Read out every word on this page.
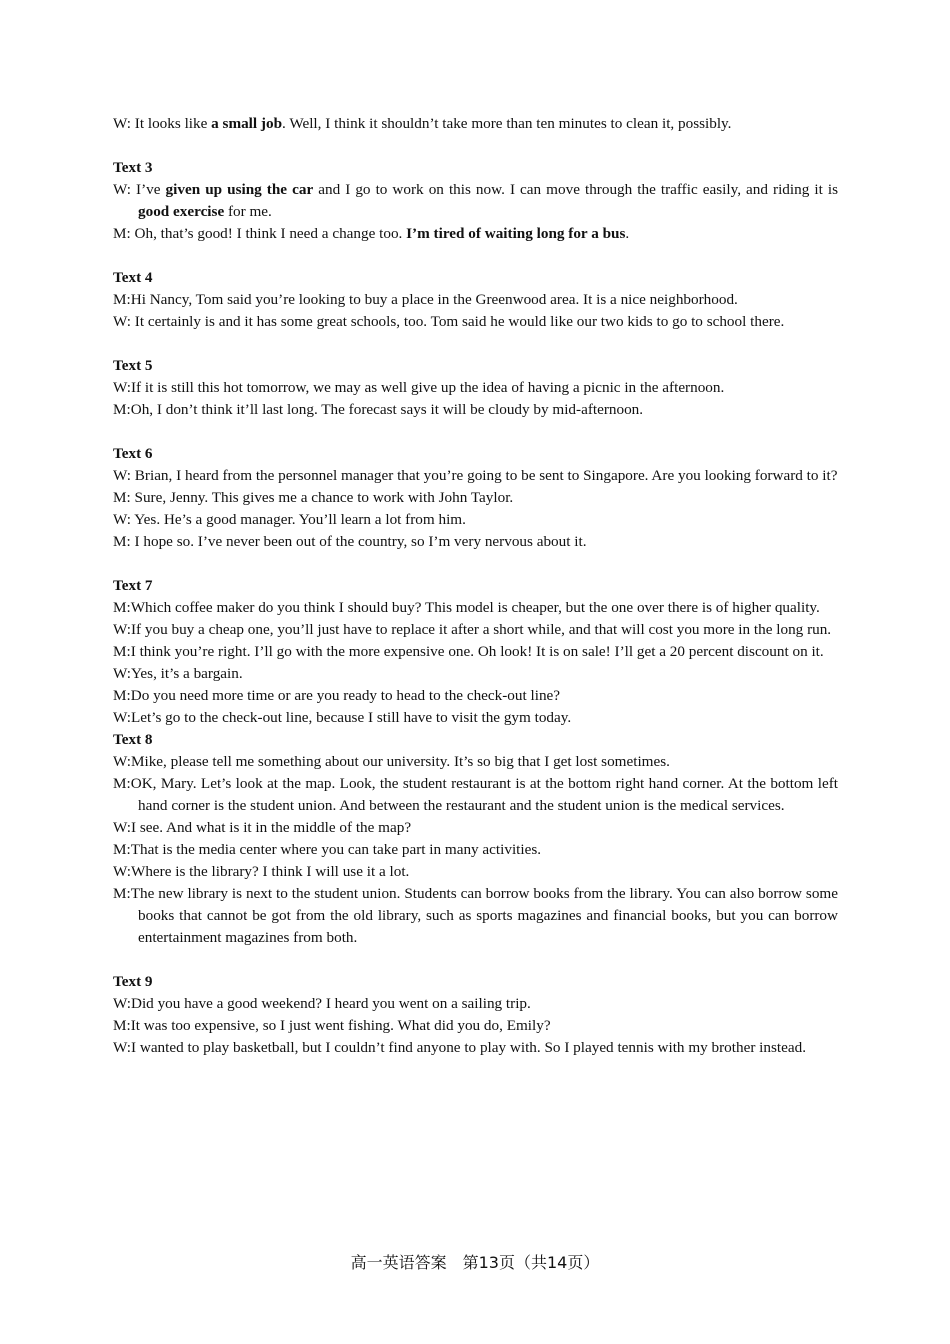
W: It looks like a small job. Well, I think it shouldn’t take more than ten minutes to clean it, possibly.
Text 3
W: I’ve given up using the car and I go to work on this now. I can move through the traffic easily, and riding it is good exercise for me.
M: Oh, that’s good! I think I need a change too. I’m tired of waiting long for a bus.
Text 4
M:Hi Nancy, Tom said you’re looking to buy a place in the Greenwood area. It is a nice neighborhood.
W: It certainly is and it has some great schools, too. Tom said he would like our two kids to go to school there.
Text 5
W:If it is still this hot tomorrow, we may as well give up the idea of having a picnic in the afternoon.
M:Oh, I don’t think it’ll last long. The forecast says it will be cloudy by mid-afternoon.
Text 6
W: Brian, I heard from the personnel manager that you’re going to be sent to Singapore. Are you looking forward to it?
M: Sure, Jenny. This gives me a chance to work with John Taylor.
W: Yes. He’s a good manager. You’ll learn a lot from him.
M: I hope so. I’ve never been out of the country, so I’m very nervous about it.
Text 7
M:Which coffee maker do you think I should buy? This model is cheaper, but the one over there is of higher quality.
W:If you buy a cheap one, you’ll just have to replace it after a short while, and that will cost you more in the long run.
M:I think you’re right. I’ll go with the more expensive one. Oh look! It is on sale! I’ll get a 20 percent discount on it.
W:Yes, it’s a bargain.
M:Do you need more time or are you ready to head to the check-out line?
W:Let’s go to the check-out line, because I still have to visit the gym today.
Text 8
W:Mike, please tell me something about our university. It’s so big that I get lost sometimes.
M:OK, Mary. Let’s look at the map. Look, the student restaurant is at the bottom right hand corner. At the bottom left hand corner is the student union. And between the restaurant and the student union is the medical services.
W:I see. And what is it in the middle of the map?
M:That is the media center where you can take part in many activities.
W:Where is the library? I think I will use it a lot.
M:The new library is next to the student union. Students can borrow books from the library. You can also borrow some books that cannot be got from the old library, such as sports magazines and financial books, but you can borrow entertainment magazines from both.
Text 9
W:Did you have a good weekend? I heard you went on a sailing trip.
M:It was too expensive, so I just went fishing. What did you do, Emily?
W:I wanted to play basketball, but I couldn’t find anyone to play with. So I played tennis with my brother instead.
高一英语答案　第13页（共14页）
